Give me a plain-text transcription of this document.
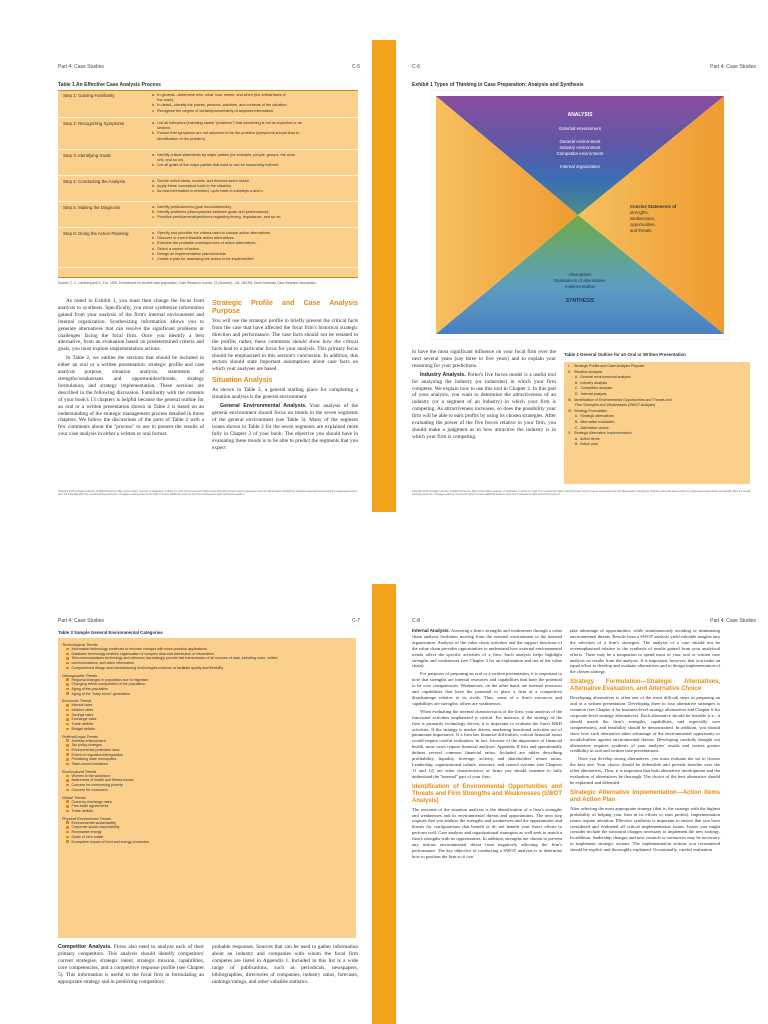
Part 4: Case Studies	C-5
Table 1 An Effective Case Analysis Process
Step 1: Gaining Familiarity	a.  In general—determine who, what, how, where, and when (the critical facts of
the case).
b.  In detail—identify the places, persons, activities, and contexts of the situation.
c.  Recognize the degree of certainty/uncertainty of acquired information.
Step 2: Recognizing Symptoms	a.  List all indicators (including stated "problems") that something is not as expected or as
desired.
b.  Ensure that symptoms are not assumed to be the problem (symptoms should lead to
identification of the problem).
Step 3: Identifying Goals	a.  Identify critical statements by major parties (for example, people, groups, the work
unit, and so on).
b.  List all goals of the major parties that exist or can be reasonably inferred.
Step 4: Conducting the Analysis	a.  Decide which ideas, models, and theories seem useful.
b.  Apply these conceptual tools to the situation.
c.  As new information is revealed, cycle back to substeps a and b.
Step 5: Making the Diagnosis	a.  Identify predicaments (goal inconsistencies).
b.  Identify problems (discrepancies between goals and performance).
c.  Prioritize predicaments/problems regarding timing, importance, and so on.
Step 6: Doing the Action Planning	a.  Specify and prioritize the criteria used to choose action alternatives.
b.  Discover or invent feasible action alternatives.
c.  Examine the probable consequences of action alternatives.
d.  Select a course of action.
e.  Design an implementation plan/schedule.
f.   Create a plan for assessing the action to be implemented.
Source: C. C. Lundberg and C. Enz, 1993, A framework for student case preparation, Case Research Journal, 13 (Summer): 144. NACRA, North American Case Research Association.

As noted in Exhibit 1, you must then change the focus from analysis to synthesis. Specifically, you must synthesize information gained from your analysis of the firm's internal environment and internal organization. Synthesizing information allows you to generate alternatives that can resolve the significant problems or challenges facing the focal firm. Once you identify a best alternative, from an evaluation based on predetermined criteria and goals, you must explore implementation actions.

In Table 2, we outline the sections that should be included in either an oral or a written presentation: strategic profile and case analysis purpose, situation analysis, statements of strengths/weaknesses and opportunities/threats, strategy formulation, and strategy implementation. These sections are described in the following discussion. Familiarity with the contents of your book's 13 chapters is helpful because the general outline for an oral or a written presentation shown in Table 2 is based on an understanding of the strategic management process detailed in those chapters. We follow the discussions of the parts of Table 2 with a few comments about the "process" to use to present the results of your case analysis in either a written or oral format.

Strategic Profile and Case Analysis Purpose

You will use the strategic profile to briefly present the critical facts from the case that have affected the focal firm's historical strategic direction and performance. The case facts should not be restated in the profile; rather, these comments should show how the critical facts lead to a particular focus for your analysis. This primary focus should be emphasized in this section's conclusion. In addition, this section should state important assumptions about case facts on which your analyses are based.

Situation Analysis

As shown in Table 2, a general starting place for completing a situation analysis is the general environment.

General Environmental Analysis. Your analysis of the general environment should focus on trends in the seven segments of the general environment (see Table 3). Many of the segment issues shown in Table 3 for the seven segments are explained more fully in Chapter 2 of your book. The objective you should have in evaluating these trends is to be able to predict the segments that you expect

Copyright 2013 Cengage Learning. All Rights Reserved. May not be copied, scanned, or duplicated, in whole or in part. Due to electronic rights, some third party content may be suppressed from the eBook and/or eChapter(s). Editorial review has deemed that any suppressed content does not materially affect the overall learning experience. Cengage Learning reserves the right to remove additional content at any time if subsequent rights restrictions require it.
C-6	Part 4: Case Studies
Exhibit 1 Types of Thinking in Case Preparation: Analysis and Synthesis
ANALYSIS
External environment
General environment
Industry environment
Competitor environment
Internal organization
Concise Statements of
strengths,
weaknesses,
opportunities,
and threats
Alternatives
Evaluations of alternatives
Implementation
SYNTHESIS

to have the most significant influence on your focal firm over the next several years (say three to five years) and to explain your reasoning for your predictions.

Industry Analysis. Porter's five forces model is a useful tool for analyzing the industry (or industries) in which your firm competes. We explain how to use this tool in Chapter 2. In this part of your analysis, you want to determine the attractiveness of an industry (or a segment of an industry) in which your firm is competing. As attractiveness increases, so does the possibility your firm will be able to earn profits by using its chosen strategies. After evaluating the power of the five forces relative to your firm, you should make a judgment as to how attractive the industry is in which your firm is competing.

Table 2 General Outline for an Oral or Written Presentation
I.    Strategic Profile and Case Analysis Purpose
II.   Situation Analysis
A.  General environmental analysis
B.  Industry analysis
C.  Competitor analysis
D.  Internal analysis
III.  Identification of Environmental Opportunities and Threats and
Firm Strengths and Weaknesses (SWOT Analysis)
IV.  Strategy Formulation
A.  Strategic alternatives
B.  Alternative evaluation
C.  Alternative choice
V.   Strategic Alternative Implementation
A.  Action items
B.  Action plan
Copyright 2013 Cengage Learning. All Rights Reserved. May not be copied, scanned, or duplicated, in whole or in part. Due to electronic rights, some third party content may be suppressed from the eBook and/or eChapter(s). Editorial review has deemed that any suppressed content does not materially affect the overall learning experience. Cengage Learning reserves the right to remove additional content at any time if subsequent rights restrictions require it.
Part 4: Case Studies	C-7
Table 3 Sample General Environmental Categories
Technological Trends
Information technology continues to become cheaper with more practical applications
Database technology enables organization of complex data and distribution of information
Telecommunications technology and networks increasingly provide fast transmission of all sources of data, including voice, written
communications, and video information
Computerized design and manufacturing technologies continue to facilitate quality and flexibility
Demographic Trends
Regional changes in population due to migration
Changing ethnic composition of the population
Aging of the population
Aging of the "baby boom" generation
Economic Trends
Interest rates
Inflation rates
Savings rates
Exchange rates
Trade deficits
Budget deficits
Political/Legal Trends
Antitrust enforcement
Tax policy changes
Environmental protection laws
Extent of regulation/deregulation
Privatizing state monopolies
State-owned industries
Sociocultural Trends
Women in the workforce
Awareness of health and fitness issues
Concern for overcoming poverty
Concern for customers
Global Trends
Currency exchange rates
Free-trade agreements
Trade deficits
Physical Environment Trends
Environmental sustainability
Corporate social responsibility
Renewable energy
Goals of zero waste
Ecosystem impact of food and energy production

Competitor Analysis. Firms also need to analyze each of their primary competitors. This analysis should identify competitors' current strategies, strategic intent, strategic mission, capabilities, core competencies, and a competitive response profile (see Chapter 5). This information is useful to the focal firm in formulating an appropriate strategy and in predicting competitors'

probable responses. Sources that can be used to gather information about an industry and companies with whom the focal firm competes are listed in Appendix I. Included in this list is a wide range of publications, such as periodicals, newspapers, bibliographies, directories of companies, industry ratios, forecasts, rankings/ratings, and other valuable statistics.

C-8	Part 4: Case Studies

Internal Analysis. Assessing a firm's strengths and weaknesses through a value chain analysis facilitates moving from the external environment to the internal organization. Analysis of the value chain activities and the support functions of the value chain provides opportunities to understand how external environmental trends affect the specific activities of a firm. Such analysis helps highlight strengths and weaknesses (see Chapter 3 for an explanation and use of the value chain).

For purposes of preparing an oral or a written presentation, it is important to note that strengths are internal resources and capabilities that have the potential to be core competencies. Weaknesses, on the other hand, are internal resources and capabilities that have the potential to place a firm at a competitive disadvantage relative to its rivals. Thus, some of a firm's resources and capabilities are strengths; others are weaknesses.

When evaluating the internal characteristics of the firm, your analysis of the functional activities emphasized is critical. For instance, if the strategy of the firm is primarily technology driven, it is important to evaluate the firm's R&D activities. If the strategy is market driven, marketing functional activities are of paramount importance. If a firm has financial difficulties, critical financial ratios would require careful evaluation. In fact, because of the importance of financial health, most cases require financial analyses. Appendix II lists and operationally defines several common financial ratios. Included are tables describing profitability, liquidity, leverage, activity, and shareholders' return ratios. Leadership, organizational culture, structure, and control systems (see Chapters 11 and 12) are other characteristics of firms you should examine to fully understand the "internal" part of your firm.

Identification of Environmental Opportunities and Threats and Firm Strengths and Weaknesses (SWOT Analysis)

The outcome of the situation analysis is the identification of a firm's strengths and weaknesses and its environmental threats and opportunities. The next step requires that you analyze the strengths and weaknesses and the opportunities and threats for configurations that benefit or do not benefit your firm's efforts to perform well. Case analysts and organizational strategists as well seek to match a firm's strengths with its opportunities. In addition, strengths are chosen to prevent any serious environmental threat from negatively affecting the firm's performance. The key objective of conducting a SWOT analysis is to determine how to position the firm so it can

take advantage of opportunities, while simultaneously avoiding or minimizing environmental threats. Results from a SWOT analysis yield valuable insights into the selection of a firm's strategies. The analysis of a case should not be overemphasized relative to the synthesis of results gained from your analytical efforts. There may be a temptation to spend most of your oral or written case analysis on results from the analysis. It is important, however, that you make an equal effort to develop and evaluate alternatives and to design implementation of the chosen strategy.

Strategy Formulation—Strategic Alternatives, Alternative Evaluation, and Alternative Choice

Developing alternatives is often one of the most difficult steps in preparing an oral or a written presentation. Developing three to four alternative strategies is common (see Chapter 4 for business-level strategy alternatives and Chapter 6 for corporate-level strategy alternatives). Each alternative should be feasible (i.e., it should match the firm's strengths, capabilities, and especially core competencies), and feasibility should be demonstrated. In addition, you should show how each alternative takes advantage of the environmental opportunity or avoids/buffers against environmental threats. Developing carefully thought out alternatives requires synthesis of your analyses' results and creates greater credibility in oral and written case presentations.

Once you develop strong alternatives, you must evaluate the set to choose the best one. Your choice should be defensible and provide benefits over the other alternatives. Thus, it is important that both alternative development and the evaluation of alternatives be thorough. The choice of the best alternative should be explained and defended.

Strategic Alternative Implementation—Action Items and Action Plan

After selecting the most appropriate strategy (that is, the strategy with the highest probability of helping your firm in its efforts to earn profits), implementation issues require attention. Effective synthesis is important to ensure that you have considered and evaluated all critical implementation issues. Issues you might consider include the structural changes necessary to implement the new strategy. In addition, leadership changes and new controls or incentives may be necessary to implement strategic actions. The implementation actions you recommend should be explicit and thoroughly explained. Occasionally, careful evaluation
